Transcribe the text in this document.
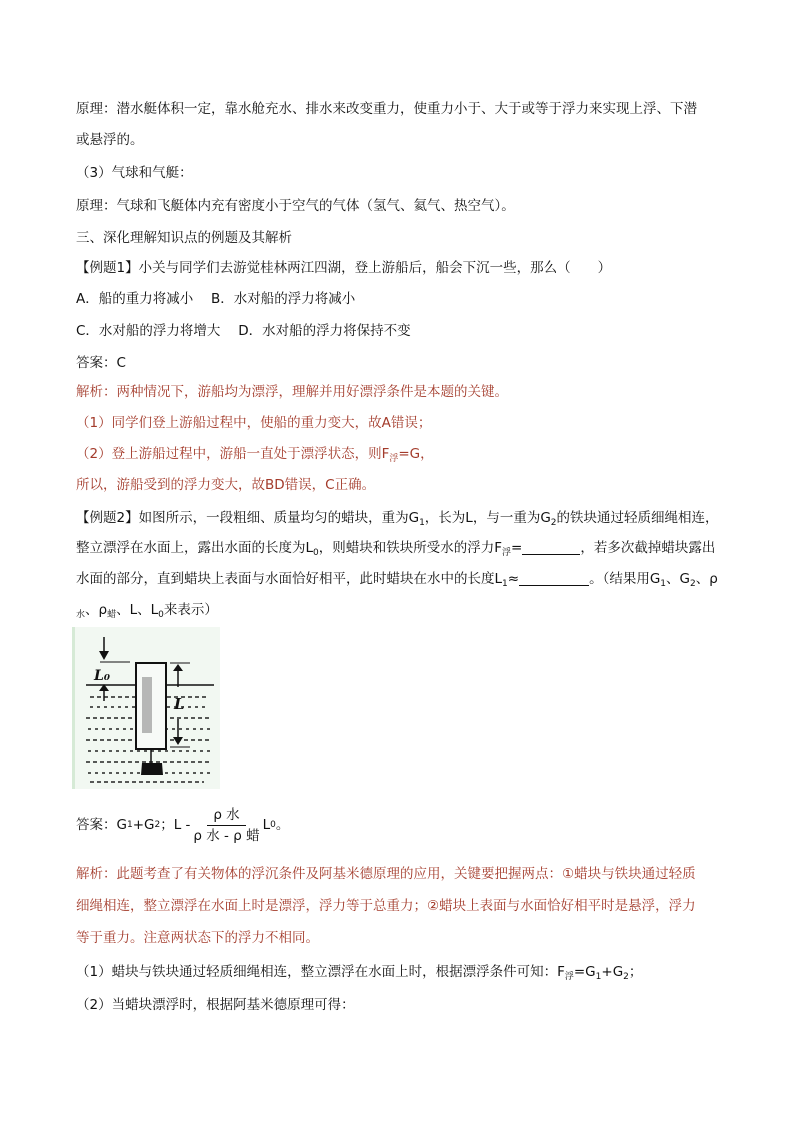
原理：潜水艇体积一定，靠水舱充水、排水来改变重力，使重力小于、大于或等于浮力来实现上浮、下潜
或悬浮的。
（3）气球和气艇：
原理：气球和飞艇体内充有密度小于空气的气体（氢气、氦气、热空气）。
三、深化理解知识点的例题及其解析
【例题1】小关与同学们去游觉桂林两江四湖，登上游船后，船会下沉一些，那么（　　）
A．船的重力将减小　 B．水对船的浮力将减小
C．水对船的浮力将增大　 D．水对船的浮力将保持不变
答案：C
解析：两种情况下，游船均为漂浮，理解并用好漂浮条件是本题的关键。
（1）同学们登上游船过程中，使船的重力变大，故A错误；
（2）登上游船过程中，游船一直处于漂浮状态，则$F_浮=G$，
所以，游船受到的浮力变大，故BD错误，C正确。
【例题2】如图所示，一段粗细、质量均匀的蜡块，重为$G_1$，长为L，与一重为$G_2$的铁块通过轻质细绳相连，
整立漂浮在水面上，露出水面的长度为$L_0$，则蜡块和铁块所受水的浮力$F_浮=$	，若多次截掉蜡块露出
水面的部分，直到蜡块上表面与水面恰好相平，此时蜡块在水中的长度$L_1\approx$	。（结果用$G_1$、$G_2$、ρ
$_水$、$\rho_蜡$、L、$L_0$来表示）
L₀
L
答案：G 1 +G 2 ；L - $\frac{\text{ρ 水}}{\text{ρ 水 - ρ 蜡}}$ L 0 。
解析：此题考查了有关物体的浮沉条件及阿基米德原理的应用，关键要把握两点：①蜡块与铁块通过轻质
细绳相连，整立漂浮在水面上时是漂浮，浮力等于总重力；②蜡块上表面与水面恰好相平时是悬浮，浮力
等于重力。注意两状态下的浮力不相同。
（1）蜡块与铁块通过轻质细绳相连，整立漂浮在水面上时，根据漂浮条件可知：$F_浮=G_1+G_2$；
（2）当蜡块漂浮时，根据阿基米德原理可得：
